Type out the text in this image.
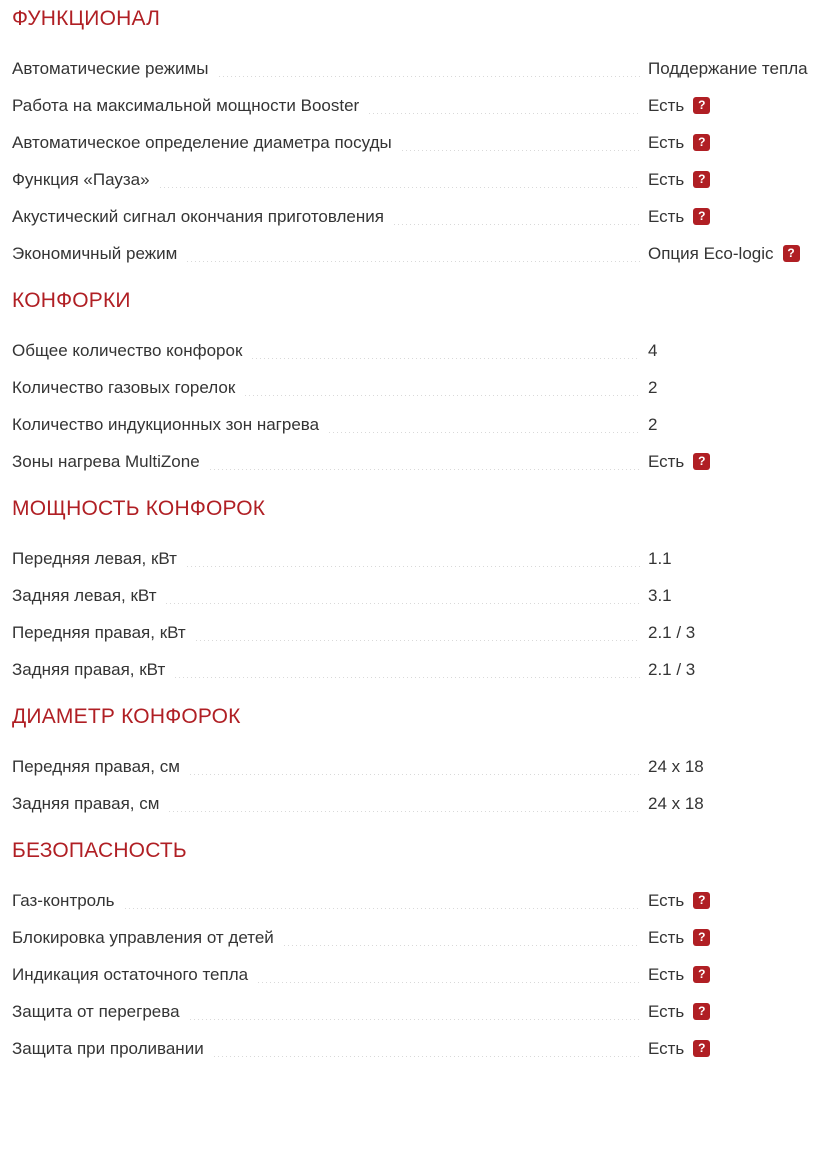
ФУНКЦИОНАЛ
Автоматические режимы	Поддержание тепла
Работа на максимальной мощности Booster	Есть	?
Автоматическое определение диаметра посуды	Есть	?
Функция «Пауза»	Есть	?
Акустический сигнал окончания приготовления	Есть	?
Экономичный режим	Опция Eco-logic	?
КОНФОРКИ
Общее количество конфорок	4
Количество газовых горелок	2
Количество индукционных зон нагрева	2
Зоны нагрева MultiZone	Есть	?
МОЩНОСТЬ КОНФОРОК
Передняя левая, кВт	1.1
Задняя левая, кВт	3.1
Передняя правая, кВт	2.1 / 3
Задняя правая, кВт	2.1 / 3
ДИАМЕТР КОНФОРОК
Передняя правая, см	24 x 18
Задняя правая, см	24 x 18
БЕЗОПАСНОСТЬ
Газ-контроль	Есть	?
Блокировка управления от детей	Есть	?
Индикация остаточного тепла	Есть	?
Защита от перегрева	Есть	?
Защита при проливании	Есть	?
